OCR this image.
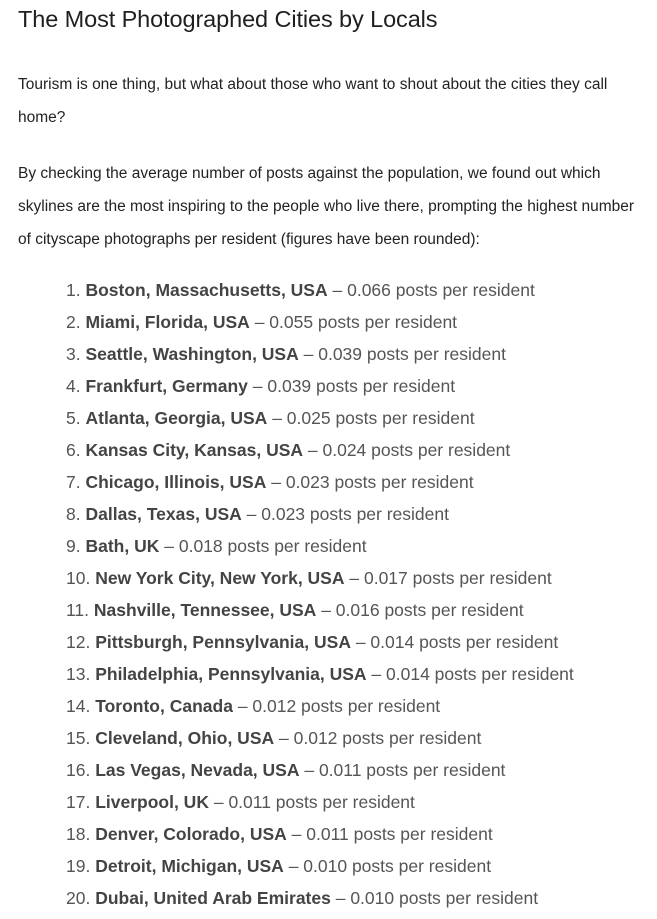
The Most Photographed Cities by Locals

Tourism is one thing, but what about those who want to shout about the cities they call home?

By checking the average number of posts against the population, we found out which skylines are the most inspiring to the people who live there, prompting the highest number of cityscape photographs per resident (figures have been rounded):

1. Boston, Massachusetts, USA – 0.066 posts per resident
2. Miami, Florida, USA – 0.055 posts per resident
3. Seattle, Washington, USA – 0.039 posts per resident
4. Frankfurt, Germany – 0.039 posts per resident
5. Atlanta, Georgia, USA – 0.025 posts per resident
6. Kansas City, Kansas, USA – 0.024 posts per resident
7. Chicago, Illinois, USA – 0.023 posts per resident
8. Dallas, Texas, USA – 0.023 posts per resident
9. Bath, UK – 0.018 posts per resident
10. New York City, New York, USA – 0.017 posts per resident
11. Nashville, Tennessee, USA – 0.016 posts per resident
12. Pittsburgh, Pennsylvania, USA – 0.014 posts per resident
13. Philadelphia, Pennsylvania, USA – 0.014 posts per resident
14. Toronto, Canada – 0.012 posts per resident
15. Cleveland, Ohio, USA – 0.012 posts per resident
16. Las Vegas, Nevada, USA – 0.011 posts per resident
17. Liverpool, UK – 0.011 posts per resident
18. Denver, Colorado, USA – 0.011 posts per resident
19. Detroit, Michigan, USA – 0.010 posts per resident
20. Dubai, United Arab Emirates – 0.010 posts per resident
